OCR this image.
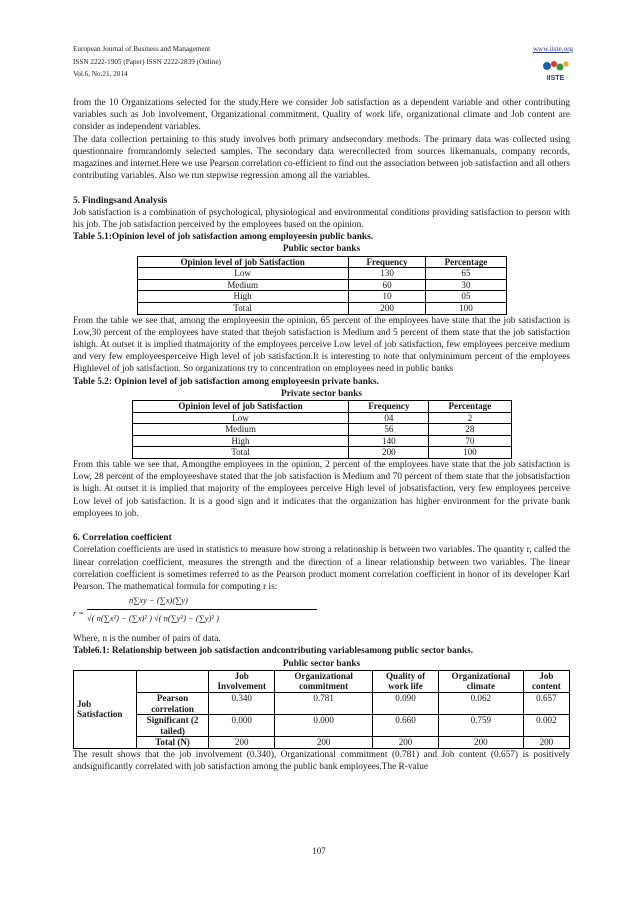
European Journal of Business and Management
ISSN 2222-1905 (Paper) ISSN 2222-2839 (Online)
Vol.6, No.21, 2014
www.iiste.org
IISTE

from the 10 Organizations selected for the study.Here we consider Job satisfaction as a dependent variable and other contributing variables such as Job involvement, Organizational commitment, Quality of work life, organizational climate and Job content are consider as independent variables.

The data collection pertaining to this study involves both primary andsecondary methods. The primary data was collected using questionnaire fromrandomly selected samples. The secondary data werecollected from sources likemanuals, company records, magazines and internet.Here we use Pearson correlation co-efficient to find out the association between job satisfaction and all others contributing variables. Also we run stepwise regression among all the variables.

5. Findingsand Analysis

Job satisfaction is a combination of psychological, physiological and environmental conditions providing satisfaction to person with his job. The job satisfaction perceived by the employees based on the opinion.

Table 5.1:Opinion level of job satisfaction among employeesin public banks.

Public sector banks
Opinion level of job Satisfaction	Frequency	Percentage
Low	130	65
Medium	60	30
High	10	05
Total	200	100

From the table we see that, among the employeesin the opinion, 65 percent of the employees have state that the job satisfaction is Low,30 percent of the employees have stated that thejob satisfaction is Medium and 5 percent of them state that the job satisfaction ishigh. At outset it is implied thatmajority of the employees perceive Low level of job satisfaction, few employees perceive medium and very few employeesperceive High level of job satisfaction.It is interesting to note that onlyminimum percent of the employees Highlevel of job satisfaction. So organizations try to concentration on employees need in public banks

Table 5.2: Opinion level of job satisfaction among employeesin private banks.

Private sector banks
Opinion level of job Satisfaction	Frequency	Percentage
Low	04	2
Medium	56	28
High	140	70
Total	200	100

From this table we see that, Amongthe employees in the opinion, 2 percent of the employees have state that the job satisfaction is Low, 28 percent of the employeeshave stated that the job satisfaction is Medium and 70 percent of them state that the jobsatisfaction is high. At outset it is implied that majority of the employees perceive High level of jobsatisfaction, very few employees perceive Low level of job satisfaction. It is a good sign and it indicates that the organization has higher environment for the private bank employees to job.

6. Correlation coefficient

Correlation coefficients are used in statistics to measure how strong a relationship is between two variables. The quantity r, called the linear correlation coefficient, measures the strength and the direction of a linear relationship between two variables. The linear correlation coefficient is sometimes referred to as the Pearson product moment correlation coefficient in honor of its developer Karl Pearson. The mathematical formula for computing r is:

r =
n∑xy − (∑x)(∑y)
√( n(∑x²) − (∑x)² ) √( n(∑y²) − (∑y)² )

Where, n is the number of pairs of data.

Table6.1: Relationship between job satisfaction andcontributing variablesamong public sector banks.

Public sector banks
Job Satisfaction		Job Involvement	Organizational commitment	Quality of work life	Organizational climate	Job content
	Pearson correlation	0.340	0.781	0.090	0.062	0.657
	Significant (2 tailed)	0.000	0.000	0.660	0.759	0.002
	Total (N)	200	200	200	200	200

The result shows that the job involvement (0.340), Organizational commitment (0.781) and Job content (0.657) is positively andsignificantly correlated with job satisfaction among the public bank employees.The R-value

107
